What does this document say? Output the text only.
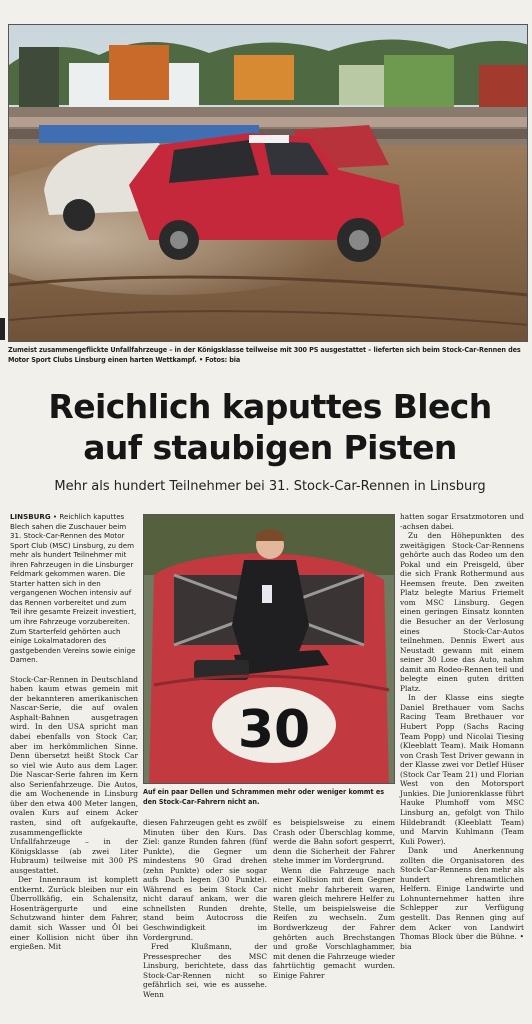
Zumeist zusammengeflickte Unfallfahrzeuge – in der Königsklasse teilweise mit 300 PS ausgestattet – lieferten sich beim Stock-Car-Rennen des Motor Sport Clubs Linsburg einen harten Wettkampf. • Fotos: bia
Reichlich kaputtes Blech
auf staubigen Pisten
Mehr als hundert Teilnehmer bei 31. Stock-Car-Rennen in Linsburg

LINSBURG • Reichlich kaputtes Blech sahen die Zuschauer beim 31. Stock-Car-Rennen des Motor Sport Club (MSC) Linsburg, zu dem mehr als hundert Teilnehmer mit ihren Fahrzeugen in die Linsburger Feldmark gekommen waren. Die Starter hatten sich in den vergangenen Wochen intensiv auf das Rennen vorbereitet und zum Teil ihre gesamte Freizeit investiert, um ihre Fahrzeuge vorzubereiten. Zum Starterfeld gehörten auch einige Lokalmatadoren des gastgebenden Vereins sowie einige Damen.

Stock-Car-Rennen in Deutschland haben kaum etwas gemein mit der bekannteren amerikanischen Nascar-Serie, die auf ovalen Asphalt-Bahnen ausgetragen wird. In den USA spricht man dabei ebenfalls von Stock Car, aber im herkömmlichen Sinne. Denn übersetzt heißt Stock Car so viel wie Auto aus dem Lager. Die Nascar-Serie fahren im Kern also Serienfahrzeuge. Die Autos, die am Wochenende in Linsburg über den etwa 400 Meter langen, ovalen Kurs auf einem Acker rasten, sind oft aufgekaufte, zusammengeflickte Unfallfahrzeuge – in der Königsklasse (ab zwei Liter Hubraum) teilweise mit 300 PS ausgestattet.

Der Innenraum ist komplett entkernt. Zurück bleiben nur ein Überrollkäfig, ein Schalensitz, Hosenträgergurte und eine Schutzwand hinter dem Fahrer, damit sich Wasser und Öl bei einer Kollision nicht über ihn ergießen. Mit

30
Auf ein paar Dellen und Schrammen mehr oder weniger kommt es den Stock-Car-Fahrern nicht an.

diesen Fahrzeugen geht es zwölf Minuten über den Kurs. Das Ziel: ganze Runden fahren (fünf Punkte), die Gegner um mindestens 90 Grad drehen (zehn Punkte) oder sie sogar aufs Dach legen (30 Punkte). Während es beim Stock Car nicht darauf ankam, wer die schnellsten Runden drehte, stand beim Autocross die Geschwindigkeit im Vordergrund.

Fred Klußmann, der Pressesprecher des MSC Linsburg, berichtete, dass das Stock-Car-Rennen nicht so gefährlich sei, wie es aussehe. Wenn

es beispielsweise zu einem Crash oder Überschlag komme, werde die Bahn sofort gesperrt, denn die Sicherheit der Fahrer stehe immer im Vordergrund.

Wenn die Fahrzeuge nach einer Kollision mit dem Gegner nicht mehr fahrbereit waren, waren gleich mehrere Helfer zu Stelle, um beispielsweise die Reifen zu wechseln. Zum Bordwerkzeug der Fahrer gehörten auch Brechstangen und große Vorschlaghammer, mit denen die Fahrzeuge wieder fahrtüchtig gemacht wurden. Einige Fahrer

hatten sogar Ersatzmotoren und -achsen dabei.

Zu den Höhepunkten des zweitägigen Stock-Car-Rennens gehörte auch das Rodeo um den Pokal und ein Preisgeld, über die sich Frank Rothermund aus Heemsen freute. Den zweiten Platz belegte Marius Friemelt vom MSC Linsburg. Gegen einen geringen Einsatz konnten die Besucher an der Verlosung eines Stock-Car-Autos teilnehmen. Dennis Ewert aus Neustadt gewann mit einem seiner 30 Lose das Auto, nahm damit am Rodeo-Rennen teil und belegte einen guten dritten Platz.

In der Klasse eins siegte Daniel Brethauer vom Sachs Racing Team Brethauer vor Hubert Popp (Sachs Racing Team Popp) und Nicolai Tiesing (Kleeblatt Team). Maik Homann von Crash Test Driver gewann in der Klasse zwei vor Detlef Hüser (Stock Car Team 21) und Florian West von den Motorsport Junkies. Die Juniorenklasse führt Hauke Plumhoff vom MSC Linsburg an, gefolgt von Thilo Hildebrandt (Kleeblatt Team) und Marvin Kuhlmann (Team Kuli Power).

Dank und Anerkennung zollten die Organisatoren des Stock-Car-Rennens den mehr als hundert ehrenamtlichen Helfern. Einige Landwirte und Lohnunternehmer hatten ihre Schlepper zur Verfügung gestellt. Das Rennen ging auf dem Acker von Landwirt Thomas Block über die Bühne. • bia
